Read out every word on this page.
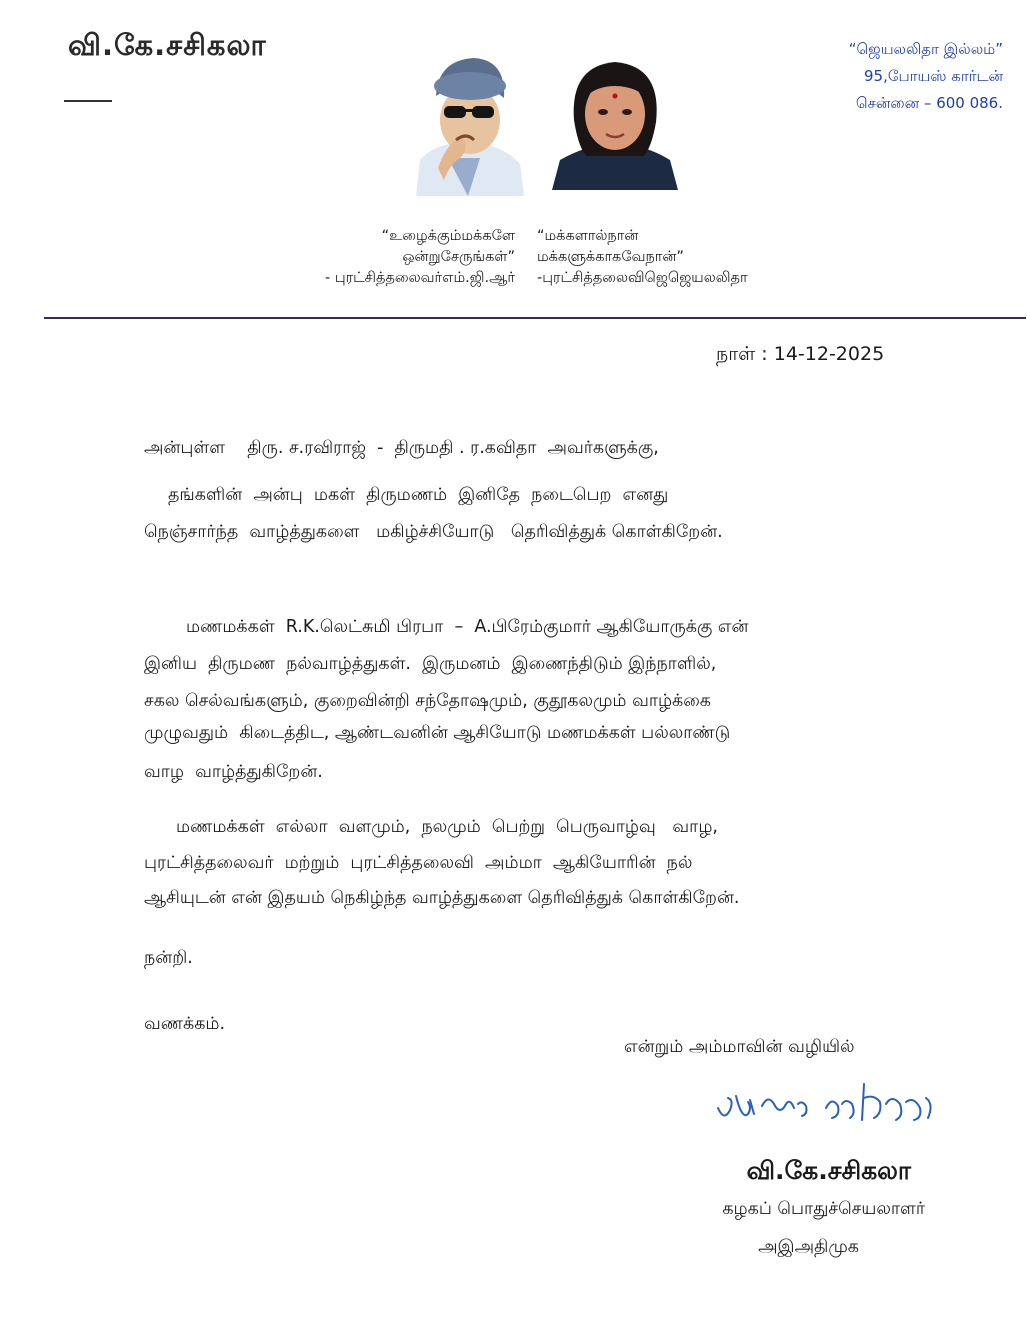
வி.கே.சசிகலா	“ஜெயலலிதா இல்லம்”
95,போயஸ் கார்டன்
சென்னை – 600 086.
“உழைக்கும்மக்களே
ஒன்றுசேருங்கள்”
- புரட்சித்தலைவர்எம்.ஜி.ஆர்
“மக்களால்நான்
மக்களுக்காகவேநான்”
-புரட்சித்தலைவிஜெஜெயலலிதா
நாள் : 14-12-2025
அன்புள்ள    திரு. ச.ரவிராஜ்  -  திருமதி . ர.கவிதா  அவர்களுக்கு,
தங்களின்  அன்பு  மகள்  திருமணம்  இனிதே  நடைபெற  எனது
நெஞ்சார்ந்த  வாழ்த்துகளை   மகிழ்ச்சியோடு   தெரிவித்துக் கொள்கிறேன்.
மணமக்கள்  R.K.லெட்சுமி பிரபா  –  A.பிரேம்குமார் ஆகியோருக்கு என்
இனிய  திருமண  நல்வாழ்த்துகள்.  இருமனம்  இணைந்திடும் இந்நாளில்,
சகல செல்வங்களும், குறைவின்றி சந்தோஷமும், குதூகலமும் வாழ்க்கை
முழுவதும்  கிடைத்திட, ஆண்டவனின் ஆசியோடு மணமக்கள் பல்லாண்டு
வாழ  வாழ்த்துகிறேன்.
மணமக்கள்  எல்லா  வளமும்,  நலமும்  பெற்று  பெருவாழ்வு   வாழ,
புரட்சித்தலைவர்  மற்றும்  புரட்சித்தலைவி  அம்மா  ஆகியோரின்  நல்
ஆசியுடன் என் இதயம் நெகிழ்ந்த வாழ்த்துகளை தெரிவித்துக் கொள்கிறேன்.
நன்றி.
வணக்கம்.
என்றும் அம்மாவின் வழியில்
வி.கே.சசிகலா
கழகப் பொதுச்செயலாளர்
அஇஅதிமுக
